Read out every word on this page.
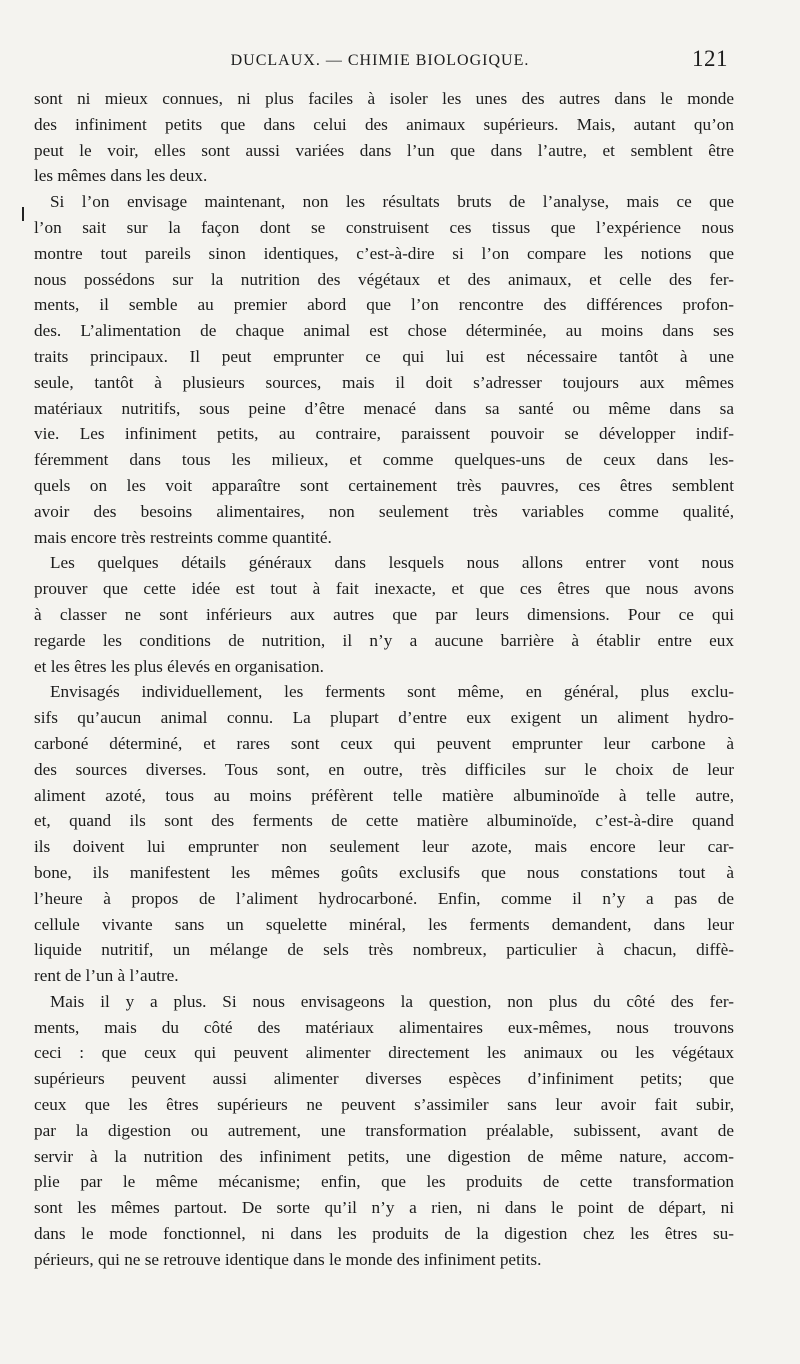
DUCLAUX. — CHIMIE BIOLOGIQUE.	121
sont ni mieux connues, ni plus faciles à isoler les unes des autres dans le monde
des infiniment petits que dans celui des animaux supérieurs. Mais, autant qu’on
peut le voir, elles sont aussi variées dans l’un que dans l’autre, et semblent être
les mêmes dans les deux.
Si l’on envisage maintenant, non les résultats bruts de l’analyse, mais ce que
l’on sait sur la façon dont se construisent ces tissus que l’expérience nous
montre tout pareils sinon identiques, c’est-à-dire si l’on compare les notions que
nous possédons sur la nutrition des végétaux et des animaux, et celle des fer-
ments, il semble au premier abord que l’on rencontre des différences profon-
des. L’alimentation de chaque animal est chose déterminée, au moins dans ses
traits principaux. Il peut emprunter ce qui lui est nécessaire tantôt à une
seule, tantôt à plusieurs sources, mais il doit s’adresser toujours aux mêmes
matériaux nutritifs, sous peine d’être menacé dans sa santé ou même dans sa
vie. Les infiniment petits, au contraire, paraissent pouvoir se développer indif-
féremment dans tous les milieux, et comme quelques-uns de ceux dans les-
quels on les voit apparaître sont certainement très pauvres, ces êtres semblent
avoir des besoins alimentaires, non seulement très variables comme qualité,
mais encore très restreints comme quantité.
Les quelques détails généraux dans lesquels nous allons entrer vont nous
prouver que cette idée est tout à fait inexacte, et que ces êtres que nous avons
à classer ne sont inférieurs aux autres que par leurs dimensions. Pour ce qui
regarde les conditions de nutrition, il n’y a aucune barrière à établir entre eux
et les êtres les plus élevés en organisation.
Envisagés individuellement, les ferments sont même, en général, plus exclu-
sifs qu’aucun animal connu. La plupart d’entre eux exigent un aliment hydro-
carboné déterminé, et rares sont ceux qui peuvent emprunter leur carbone à
des sources diverses. Tous sont, en outre, très difficiles sur le choix de leur
aliment azoté, tous au moins préfèrent telle matière albuminoïde à telle autre,
et, quand ils sont des ferments de cette matière albuminoïde, c’est-à-dire quand
ils doivent lui emprunter non seulement leur azote, mais encore leur car-
bone, ils manifestent les mêmes goûts exclusifs que nous constations tout à
l’heure à propos de l’aliment hydrocarboné. Enfin, comme il n’y a pas de
cellule vivante sans un squelette minéral, les ferments demandent, dans leur
liquide nutritif, un mélange de sels très nombreux, particulier à chacun, diffè-
rent de l’un à l’autre.
Mais il y a plus. Si nous envisageons la question, non plus du côté des fer-
ments, mais du côté des matériaux alimentaires eux-mêmes, nous trouvons
ceci : que ceux qui peuvent alimenter directement les animaux ou les végétaux
supérieurs peuvent aussi alimenter diverses espèces d’infiniment petits; que
ceux que les êtres supérieurs ne peuvent s’assimiler sans leur avoir fait subir,
par la digestion ou autrement, une transformation préalable, subissent, avant de
servir à la nutrition des infiniment petits, une digestion de même nature, accom-
plie par le même mécanisme; enfin, que les produits de cette transformation
sont les mêmes partout. De sorte qu’il n’y a rien, ni dans le point de départ, ni
dans le mode fonctionnel, ni dans les produits de la digestion chez les êtres su-
périeurs, qui ne se retrouve identique dans le monde des infiniment petits.
